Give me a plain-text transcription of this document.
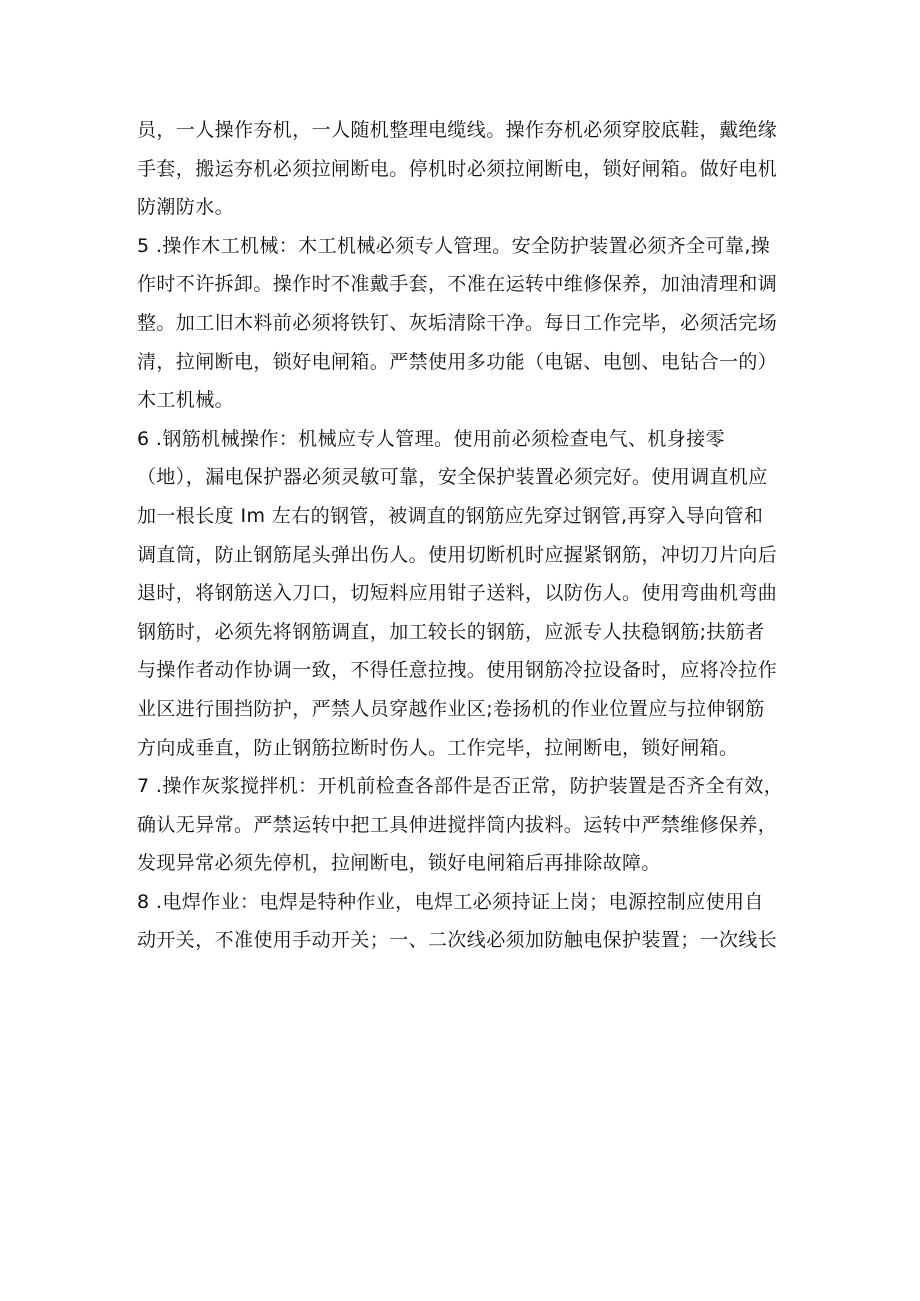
员，一人操作夯机，一人随机整理电缆线。操作夯机必须穿胶底鞋，戴绝缘
手套，搬运夯机必须拉闸断电。停机时必须拉闸断电，锁好闸箱。做好电机
防潮防水。
5 .操作木工机械：木工机械必须专人管理。安全防护装置必须齐全可靠,操
作时不许拆卸。操作时不准戴手套，不准在运转中维修保养，加油清理和调
整。加工旧木料前必须将铁钉、灰垢清除干净。每日工作完毕，必须活完场
清，拉闸断电，锁好电闸箱。严禁使用多功能（电锯、电刨、电钻合一的）
木工机械。
6 .钢筋机械操作：机械应专人管理。使用前必须检查电气、机身接零
（地），漏电保护器必须灵敏可靠，安全保护装置必须完好。使用调直机应
加一根长度 Im 左右的钢管，被调直的钢筋应先穿过钢管,再穿入导向管和
调直筒，防止钢筋尾头弹出伤人。使用切断机时应握紧钢筋，冲切刀片向后
退时，将钢筋送入刀口，切短料应用钳子送料，以防伤人。使用弯曲机弯曲
钢筋时，必须先将钢筋调直，加工较长的钢筋，应派专人扶稳钢筋;扶筋者
与操作者动作协调一致，不得任意拉拽。使用钢筋冷拉设备时，应将冷拉作
业区进行围挡防护，严禁人员穿越作业区;卷扬机的作业位置应与拉伸钢筋
方向成垂直，防止钢筋拉断时伤人。工作完毕，拉闸断电，锁好闸箱。
7 .操作灰浆搅拌机：开机前检查各部件是否正常，防护装置是否齐全有效，
确认无异常。严禁运转中把工具伸进搅拌筒内拔料。运转中严禁维修保养，
发现异常必须先停机，拉闸断电，锁好电闸箱后再排除故障。
8 .电焊作业：电焊是特种作业，电焊工必须持证上岗；电源控制应使用自
动开关，不准使用手动开关；一、二次线必须加防触电保护装置；一次线长
